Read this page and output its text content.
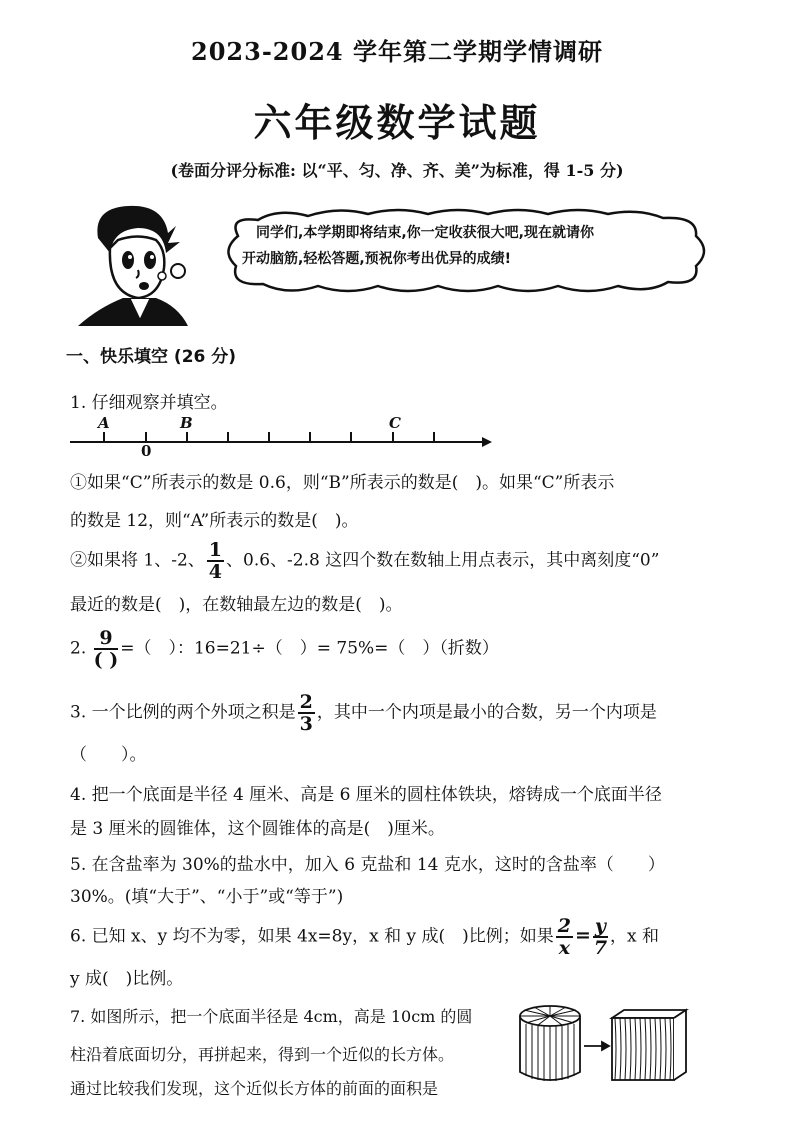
2023-2024 学年第二学期学情调研
六年级数学试题
(卷面分评分标准: 以“平、匀、净、齐、美”为标准，得 1-5 分)
同学们,本学期即将结束,你一定收获很大吧,现在就请你
开动脑筋,轻松答题,预祝你考出优异的成绩!
一、快乐填空 (26 分)
1. 仔细观察并填空。
A	B	C
0
①如果“C”所表示的数是 0.6，则“B”所表示的数是(　)。如果“C”所表示
的数是 12，则“A”所表示的数是(　)。
②如果将 1、-2、 $\frac{1}{4}$ 、0.6、-2.8 这四个数在数轴上用点表示，其中离刻度“0”
最近的数是(　)，在数轴最左边的数是(　)。
2. $\frac{9}{( )}$ =（　）：16=21÷（　）= 75%=（　）（折数）
3. 一个比例的两个外项之积是 $\frac{2}{3}$ ，其中一个内项是最小的合数，另一个内项是
（　　）。
4. 把一个底面是半径 4 厘米、高是 6 厘米的圆柱体铁块，熔铸成一个底面半径
是 3 厘米的圆锥体，这个圆锥体的高是(　)厘米。
5. 在含盐率为 30%的盐水中，加入 6 克盐和 14 克水，这时的含盐率（　　）
30%。(填“大于”、“小于”或“等于”)
6. 已知 x、y 均不为零，如果 4x=8y，x 和 y 成(　)比例；如果 $\frac{2}{x} = \frac{y}{7}$ ，x 和
y 成(　)比例。
7. 如图所示，把一个底面半径是 4cm，高是 10cm 的圆
柱沿着底面切分，再拼起来，得到一个近似的长方体。
通过比较我们发现，这个近似长方体的前面的面积是
